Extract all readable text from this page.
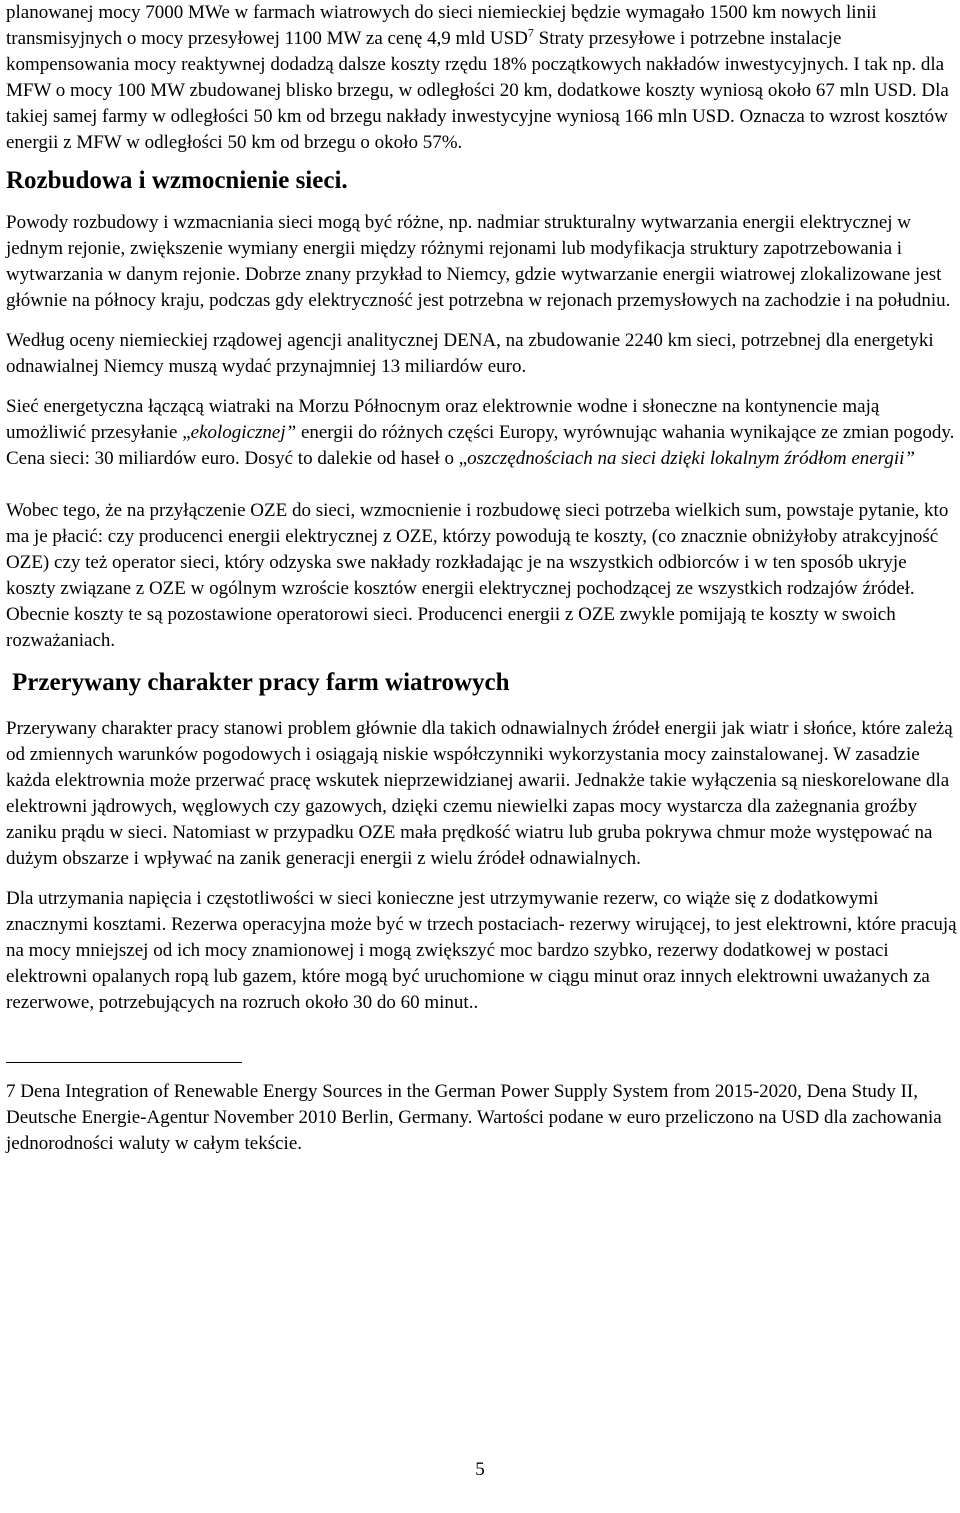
planowanej mocy 7000 MWe w farmach wiatrowych do sieci niemieckiej będzie wymagało 1500 km nowych linii transmisyjnych o mocy przesyłowej 1100 MW za cenę 4,9 mld USD$^7$ Straty przesyłowe i potrzebne instalacje kompensowania mocy reaktywnej dodadzą dalsze koszty rzędu 18% początkowych nakładów inwestycyjnych. I tak np. dla MFW o mocy 100 MW zbudowanej blisko brzegu, w odległości 20 km, dodatkowe koszty wyniosą około 67 mln USD. Dla takiej samej farmy w odległości 50 km od brzegu nakłady inwestycyjne wyniosą 166 mln USD. Oznacza to wzrost kosztów energii z MFW w odległości 50 km od brzegu o około 57%.

Rozbudowa i wzmocnienie sieci.

Powody rozbudowy i wzmacniania sieci mogą być różne, np. nadmiar strukturalny wytwarzania energii elektrycznej w jednym rejonie, zwiększenie wymiany energii między różnymi rejonami lub modyfikacja struktury zapotrzebowania i wytwarzania w danym rejonie. Dobrze znany przykład to Niemcy, gdzie wytwarzanie energii wiatrowej zlokalizowane jest głównie na północy kraju, podczas gdy elektryczność jest potrzebna w rejonach przemysłowych na zachodzie i na południu.

Według oceny niemieckiej rządowej agencji analitycznej DENA, na zbudowanie 2240 km sieci, potrzebnej dla energetyki odnawialnej Niemcy muszą wydać przynajmniej 13 miliardów euro.

Sieć energetyczna łączącą wiatraki na Morzu Północnym oraz elektrownie wodne i słoneczne na kontynencie mają umożliwić przesyłanie „ekologicznej” energii do różnych części Europy, wyrównując wahania wynikające ze zmian pogody. Cena sieci: 30 miliardów euro. Dosyć to dalekie od haseł o „oszczędnościach na sieci dzięki lokalnym źródłom energii”

Wobec tego, że na przyłączenie OZE do sieci, wzmocnienie i rozbudowę sieci potrzeba wielkich sum, powstaje pytanie, kto ma je płacić: czy producenci energii elektrycznej z OZE, którzy powodują te koszty, (co znacznie obniżyłoby atrakcyjność OZE) czy też operator sieci, który odzyska swe nakłady rozkładając je na wszystkich odbiorców i w ten sposób ukryje koszty związane z OZE w ogólnym wzroście kosztów energii elektrycznej pochodzącej ze wszystkich rodzajów źródeł. Obecnie koszty te są pozostawione operatorowi sieci. Producenci energii z OZE zwykle pomijają te koszty w swoich rozważaniach.

Przerywany charakter pracy farm wiatrowych

Przerywany charakter pracy stanowi problem głównie dla takich odnawialnych źródeł energii jak wiatr i słońce, które zależą od zmiennych warunków pogodowych i osiągają niskie współczynniki wykorzystania mocy zainstalowanej. W zasadzie każda elektrownia może przerwać pracę wskutek nieprzewidzianej awarii. Jednakże takie wyłączenia są nieskorelowane dla elektrowni jądrowych, węglowych czy gazowych, dzięki czemu niewielki zapas mocy wystarcza dla zażegnania groźby zaniku prądu w sieci. Natomiast w przypadku OZE mała prędkość wiatru lub gruba pokrywa chmur może występować na dużym obszarze i wpływać na zanik generacji energii z wielu źródeł odnawialnych.

Dla utrzymania napięcia i częstotliwości w sieci konieczne jest utrzymywanie rezerw, co wiąże się z dodatkowymi znacznymi kosztami. Rezerwa operacyjna może być w trzech postaciach- rezerwy wirującej, to jest elektrowni, które pracują na mocy mniejszej od ich mocy znamionowej i mogą zwiększyć moc bardzo szybko, rezerwy dodatkowej w postaci elektrowni opalanych ropą lub gazem, które mogą być uruchomione w ciągu minut oraz innych elektrowni uważanych za rezerwowe, potrzebujących na rozruch około 30 do 60 minut..

7 Dena Integration of Renewable Energy Sources in the German Power Supply System from 2015-2020, Dena Study II, Deutsche Energie-Agentur November 2010 Berlin, Germany. Wartości podane w euro przeliczono na USD dla zachowania jednorodności waluty w całym tekście.

5
